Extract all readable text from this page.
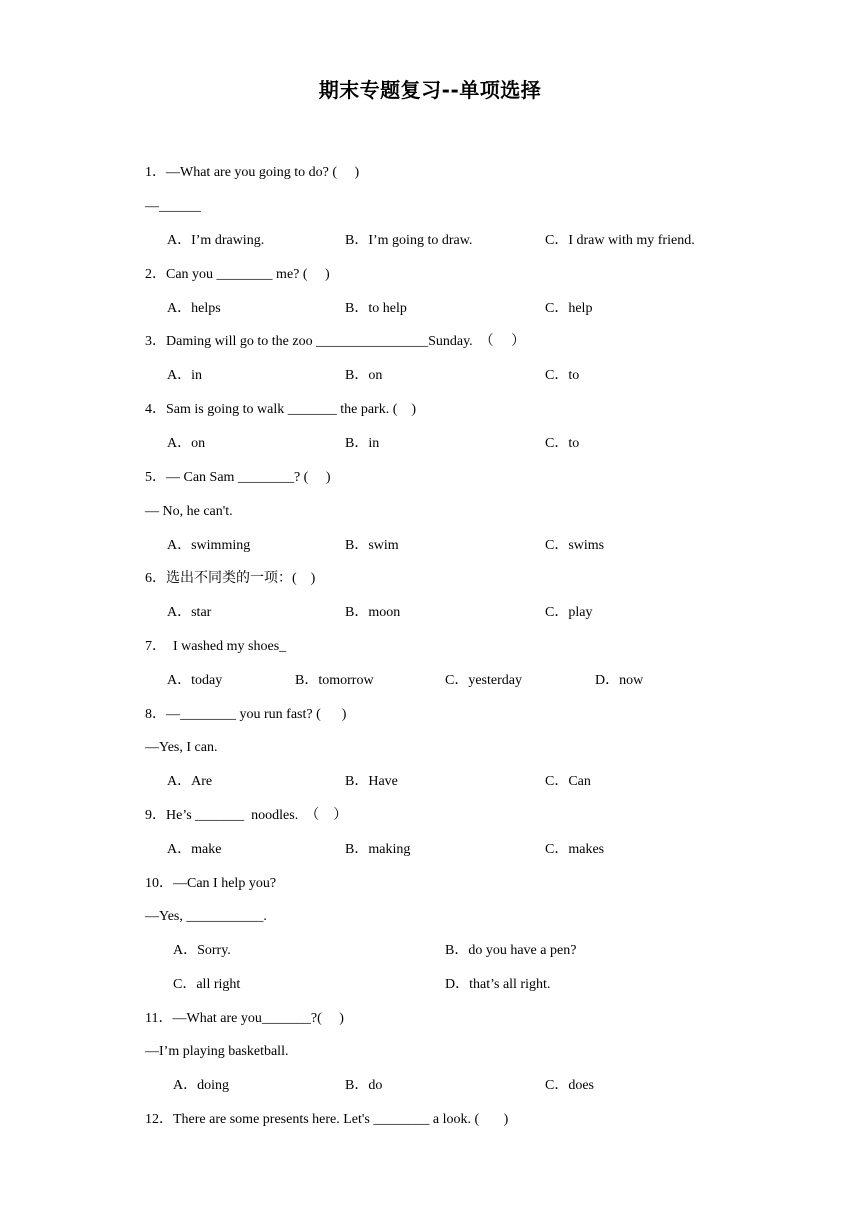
期末专题复习--单项选择
1．—What are you going to do? (     )
—______
A．I’m drawing.	B．I’m going to draw.	C．I draw with my friend.
2．Can you ________ me? (     )
A．helps	B．to help	C．help
3．Daming will go to the zoo ________________Sunday.  （     ）
A．in	B．on	C．to
4．Sam is going to walk _______ the park. (    )
A．on	B．in	C．to
5．— Can Sam ________? (     )
— No, he can't.
A．swimming	B．swim	C．swims
6．选出不同类的一项：(    )
A．star	B．moon	C．play
7．  I washed my shoes_
A．today	B．tomorrow	C．yesterday	D．now
8．—________ you run fast? (      )
—Yes, I can.
A．Are	B．Have	C．Can
9．He’s _______  noodles.  （    ）
A．make	B．making	C．makes
10．—Can I help you?
—Yes, ___________.
A．Sorry.	B．do you have a pen?
C．all right	D．that’s all right.
11．—What are you_______?(     )
—I’m playing basketball.
A．doing	B．do	C．does
12．There are some presents here. Let's ________ a look. (       )
